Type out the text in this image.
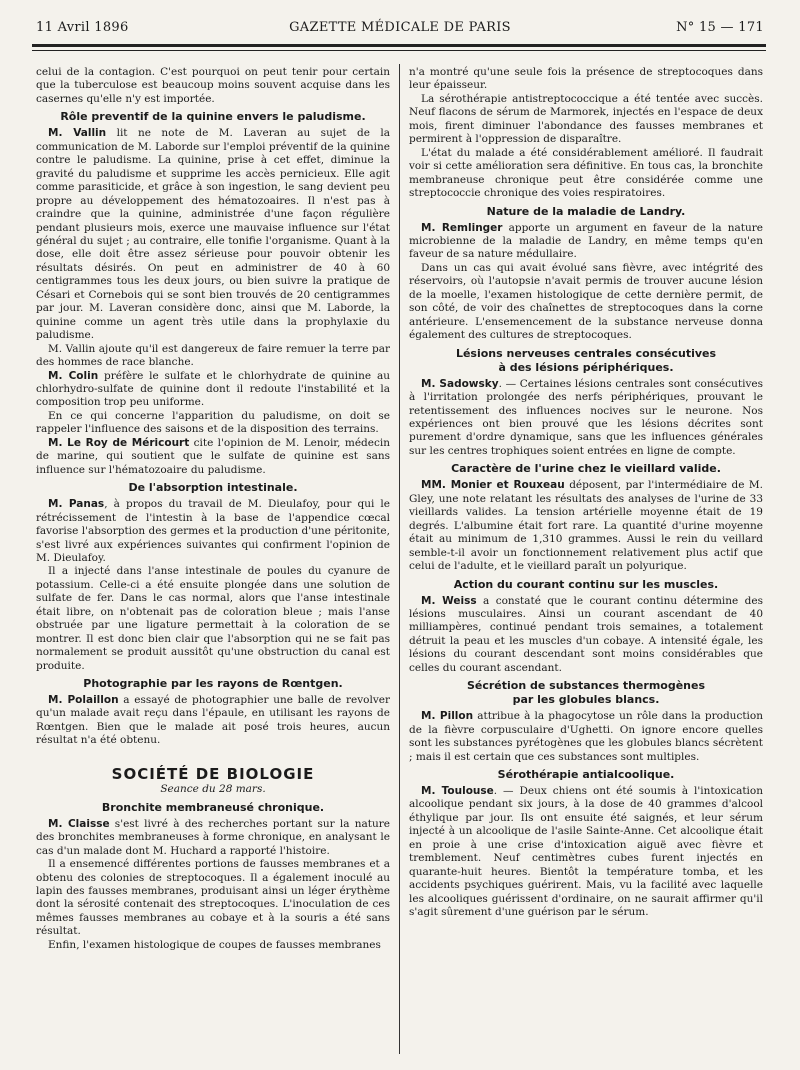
11 Avril 1896	GAZETTE MÉDICALE DE PARIS	N° 15 — 171

celui de la contagion. C'est pourquoi on peut tenir pour certain que la tuberculose est beaucoup moins souvent acquise dans les casernes qu'elle n'y est importée.

Rôle preventif de la quinine envers le paludisme.

M. Vallin lit ne note de M. Laveran au sujet de la communication de M. Laborde sur l'emploi préventif de la quinine contre le paludisme. La quinine, prise à cet effet, diminue la gravité du paludisme et supprime les accès pernicieux. Elle agit comme parasiticide, et grâce à son ingestion, le sang devient peu propre au développement des hématozoaires. Il n'est pas à craindre que la quinine, administrée d'une façon régulière pendant plusieurs mois, exerce une mauvaise influence sur l'état général du sujet ; au contraire, elle tonifie l'organisme. Quant à la dose, elle doit être assez sérieuse pour pouvoir obtenir les résultats désirés. On peut en administrer de 40 à 60 centigrammes tous les deux jours, ou bien suivre la pratique de Césari et Cornebois qui se sont bien trouvés de 20 centigrammes par jour. M. Laveran considère donc, ainsi que M. Laborde, la quinine comme un agent très utile dans la prophylaxie du paludisme.

M. Vallin ajoute qu'il est dangereux de faire remuer la terre par des hommes de race blanche.

M. Colin préfère le sulfate et le chlorhydrate de quinine au chlorhydro-sulfate de quinine dont il redoute l'instabilité et la composition trop peu uniforme.

En ce qui concerne l'apparition du paludisme, on doit se rappeler l'influence des saisons et de la disposition des terrains.

M. Le Roy de Méricourt cite l'opinion de M. Lenoir, médecin de marine, qui soutient que le sulfate de quinine est sans influence sur l'hématozoaire du paludisme.

De l'absorption intestinale.

M. Panas, à propos du travail de M. Dieulafoy, pour qui le rétrécissement de l'intestin à la base de l'appendice cœcal favorise l'absorption des germes et la production d'une péritonite, s'est livré aux expériences suivantes qui confirment l'opinion de M. Dieulafoy.

Il a injecté dans l'anse intestinale de poules du cyanure de potassium. Celle-ci a été ensuite plongée dans une solution de sulfate de fer. Dans le cas normal, alors que l'anse intestinale était libre, on n'obtenait pas de coloration bleue ; mais l'anse obstruée par une ligature permettait à la coloration de se montrer. Il est donc bien clair que l'absorption qui ne se fait pas normalement se produit aussitôt qu'une obstruction du canal est produite.

Photographie par les rayons de Rœntgen.

M. Polaillon a essayé de photographier une balle de revolver qu'un malade avait reçu dans l'épaule, en utilisant les rayons de Rœntgen. Bien que le malade ait posé trois heures, aucun résultat n'a été obtenu.

SOCIÉTÉ DE BIOLOGIE
Seance du 28 mars.
Bronchite membraneusé chronique.

M. Claisse s'est livré à des recherches portant sur la nature des bronchites membraneuses à forme chronique, en analysant le cas d'un malade dont M. Huchard a rapporté l'histoire.

Il a ensemencé différentes portions de fausses membranes et a obtenu des colonies de streptocoques. Il a également inoculé au lapin des fausses membranes, produisant ainsi un léger érythème dont la sérosité contenait des streptocoques. L'inoculation de ces mêmes fausses membranes au cobaye et à la souris a été sans résultat.

Enfin, l'examen histologique de coupes de fausses membranes

n'a montré qu'une seule fois la présence de streptocoques dans leur épaisseur.

La sérothérapie antistreptococcique a été tentée avec succès. Neuf flacons de sérum de Marmorek, injectés en l'espace de deux mois, firent diminuer l'abondance des fausses membranes et permirent à l'oppression de disparaître.

L'état du malade a été considérablement amélioré. Il faudrait voir si cette amélioration sera définitive. En tous cas, la bronchite membraneuse chronique peut être considérée comme une streptococcie chronique des voies respiratoires.

Nature de la maladie de Landry.

M. Remlinger apporte un argument en faveur de la nature microbienne de la maladie de Landry, en même temps qu'en faveur de sa nature médullaire.

Dans un cas qui avait évolué sans fièvre, avec intégrité des réservoirs, où l'autopsie n'avait permis de trouver aucune lésion de la moelle, l'examen histologique de cette dernière permit, de son côté, de voir des chaînettes de streptocoques dans la corne antérieure. L'ensemencement de la substance nerveuse donna également des cultures de streptocoques.

Lésions nerveuses centrales consécutives
à des lésions périphériques.

M. Sadowsky. — Certaines lésions centrales sont consécutives à l'irritation prolongée des nerfs périphériques, prouvant le retentissement des influences nocives sur le neurone. Nos expériences ont bien prouvé que les lésions décrites sont purement d'ordre dynamique, sans que les influences générales sur les centres trophiques soient entrées en ligne de compte.

Caractère de l'urine chez le vieillard valide.

MM. Monier et Rouxeau déposent, par l'intermédiaire de M. Gley, une note relatant les résultats des analyses de l'urine de 33 vieillards valides. La tension artérielle moyenne était de 19 degrés. L'albumine était fort rare. La quantité d'urine moyenne était au minimum de 1,310 grammes. Aussi le rein du veillard semble-t-il avoir un fonctionnement relativement plus actif que celui de l'adulte, et le vieillard paraît un polyurique.

Action du courant continu sur les muscles.

M. Weiss a constaté que le courant continu détermine des lésions musculaires. Ainsi un courant ascendant de 40 milliampères, continué pendant trois semaines, a totalement détruit la peau et les muscles d'un cobaye. A intensité égale, les lésions du courant descendant sont moins considérables que celles du courant ascendant.

Sécrétion de substances thermogènes
par les globules blancs.

M. Pillon attribue à la phagocytose un rôle dans la production de la fièvre corpusculaire d'Ughetti. On ignore encore quelles sont les substances pyrétogènes que les globules blancs sécrètent ; mais il est certain que ces substances sont multiples.

Sérothérapie antialcoolique.

M. Toulouse. — Deux chiens ont été soumis à l'intoxication alcoolique pendant six jours, à la dose de 40 grammes d'alcool éthylique par jour. Ils ont ensuite été saignés, et leur sérum injecté à un alcoolique de l'asile Sainte-Anne. Cet alcoolique était en proie à une crise d'intoxication aiguë avec fièvre et tremblement. Neuf centimètres cubes furent injectés en quarante-huit heures. Bientôt la température tomba, et les accidents psychiques guérirent. Mais, vu la facilité avec laquelle les alcooliques guérissent d'ordinaire, on ne saurait affirmer qu'il s'agit sûrement d'une guérison par le sérum.
